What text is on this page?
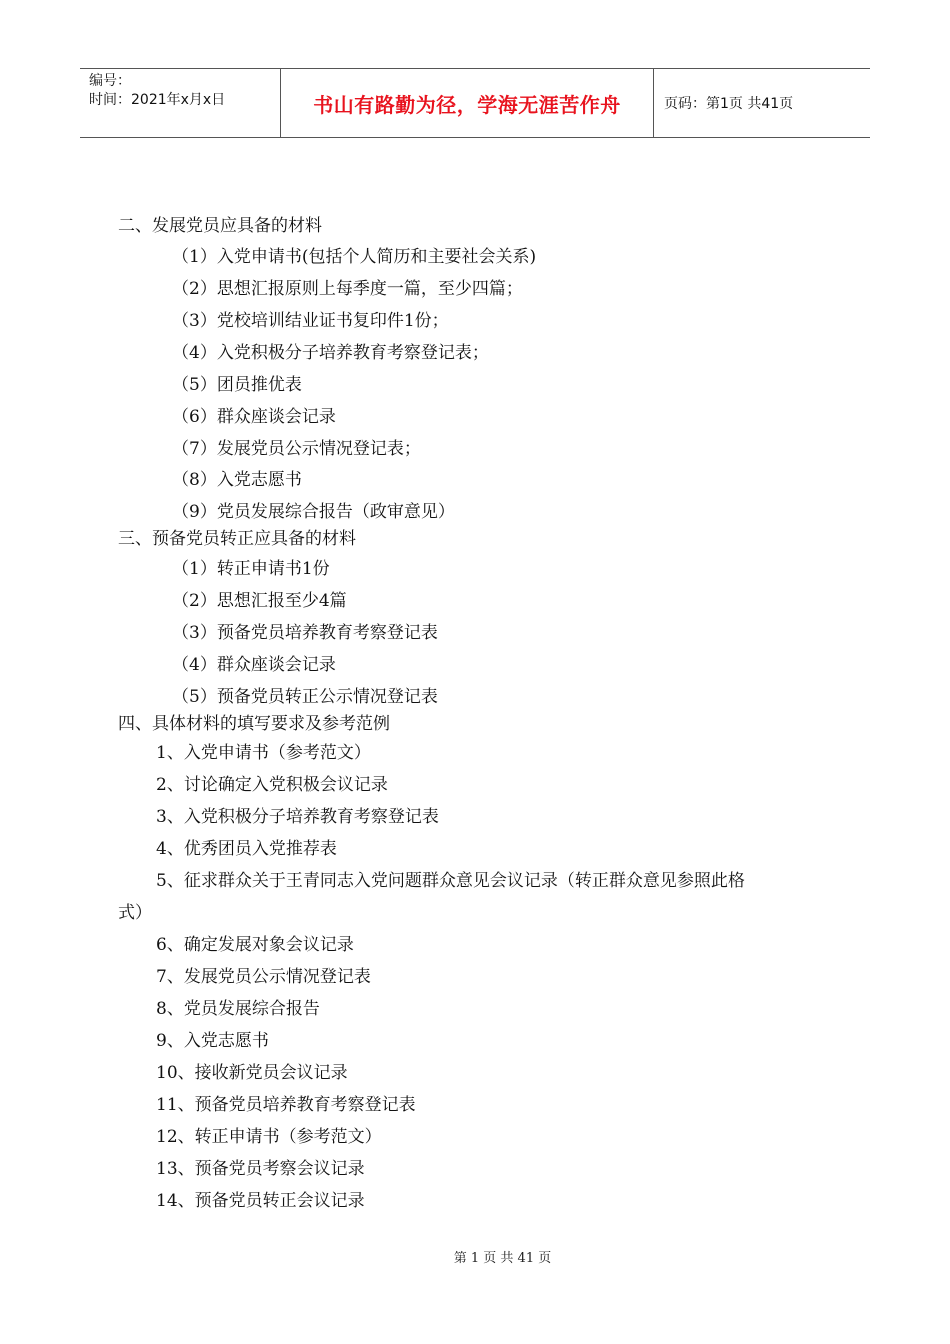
编号：
时间：2021年x月x日	书山有路勤为径，学海无涯苦作舟	页码：第1页 共41页
二、发展党员应具备的材料
（1）入党申请书(包括个人简历和主要社会关系)
（2）思想汇报原则上每季度一篇，至少四篇；
（3）党校培训结业证书复印件1份；
（4）入党积极分子培养教育考察登记表；
（5）团员推优表
（6）群众座谈会记录
（7）发展党员公示情况登记表；
（8）入党志愿书
（9）党员发展综合报告（政审意见）
三、预备党员转正应具备的材料
（1）转正申请书1份
（2）思想汇报至少4篇
（3）预备党员培养教育考察登记表
（4）群众座谈会记录
（5）预备党员转正公示情况登记表
四、具体材料的填写要求及参考范例
1、入党申请书（参考范文）
2、讨论确定入党积极会议记录
3、入党积极分子培养教育考察登记表
4、优秀团员入党推荐表
5、征求群众关于王青同志入党问题群众意见会议记录（转正群众意见参照此格
式）
6、确定发展对象会议记录
7、发展党员公示情况登记表
8、党员发展综合报告
9、入党志愿书
10、接收新党员会议记录
11、预备党员培养教育考察登记表
12、转正申请书（参考范文）
13、预备党员考察会议记录
14、预备党员转正会议记录
第 1 页 共 41 页
